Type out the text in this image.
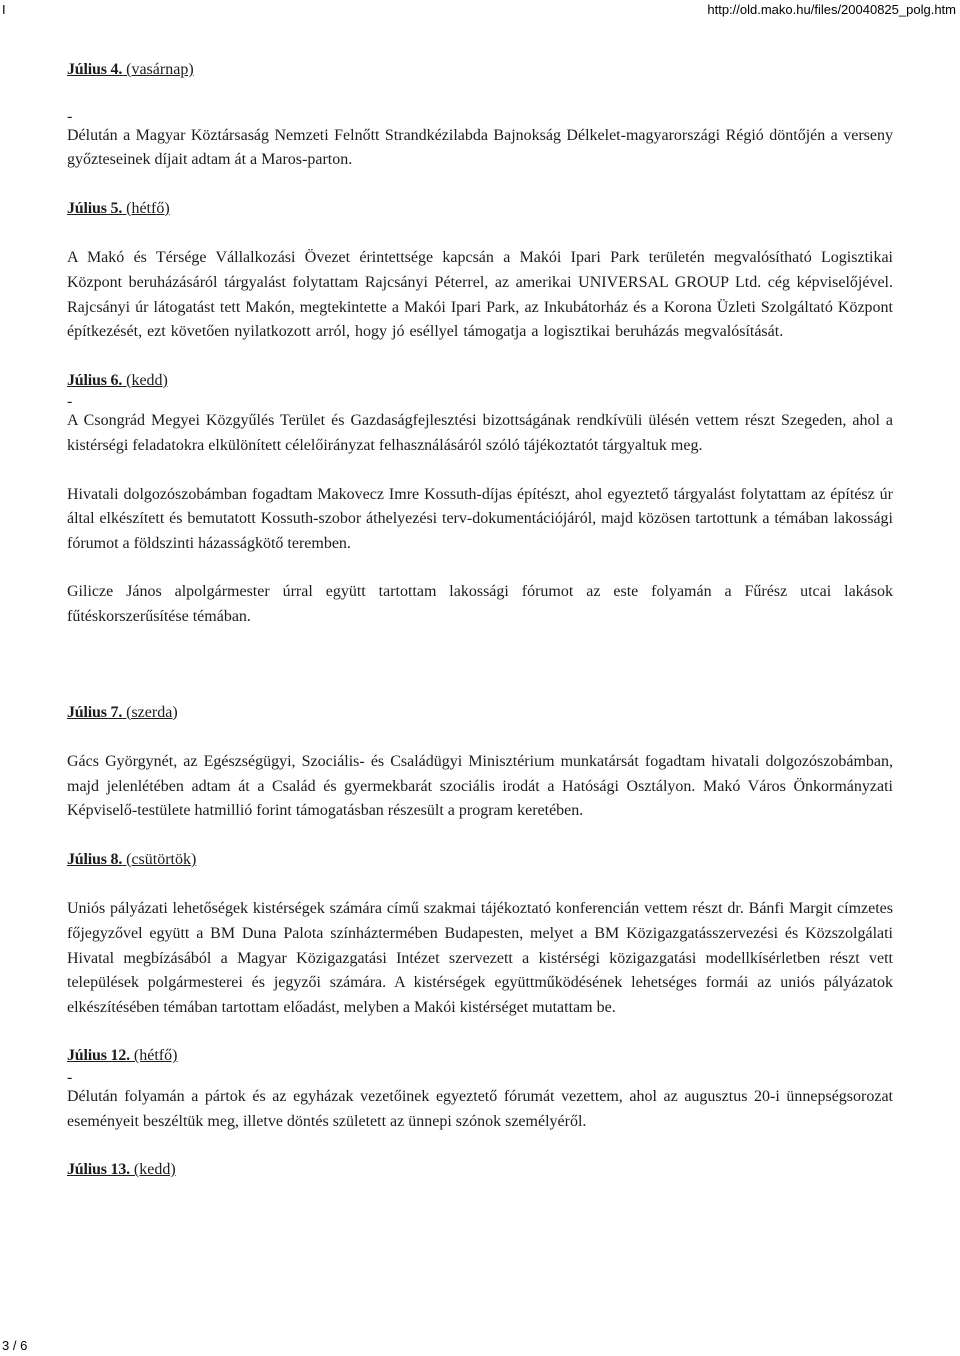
I	http://old.mako.hu/files/20040825_polg.htm
Július 4. (vasárnap)
-

Délután a Magyar Köztársaság Nemzeti Felnőtt Strandkézilabda Bajnokság Délkelet-magyarországi Régió döntőjén a verseny győzteseinek díjait adtam át a Maros-parton.

Július 5. (hétfő)

A Makó és Térsége Vállalkozási Övezet érintettsége kapcsán a Makói Ipari Park területén megvalósítható Logisztikai Központ beruházásáról tárgyalást folytattam Rajcsányi Péterrel, az amerikai UNIVERSAL GROUP Ltd. cég képviselőjével. Rajcsányi úr látogatást tett Makón, megtekintette a Makói Ipari Park, az Inkubátorház és a Korona Üzleti Szolgáltató Központ építkezését, ezt követően nyilatkozott arról, hogy jó eséllyel támogatja a logisztikai beruházás megvalósítását.

Július 6. (kedd)
-

A Csongrád Megyei Közgyűlés Terület és Gazdaságfejlesztési bizottságának rendkívüli ülésén vettem részt Szegeden, ahol a kistérségi feladatokra elkülönített célelőirányzat felhasználásáról szóló tájékoztatót tárgyaltuk meg.

Hivatali dolgozószobámban fogadtam Makovecz Imre Kossuth-díjas építészt, ahol egyeztető tárgyalást folytattam az építész úr által elkészített és bemutatott Kossuth-szobor áthelyezési terv-dokumentációjáról, majd közösen tartottunk a témában lakossági fórumot a földszinti házasságkötő teremben.

Gilicze János alpolgármester úrral együtt tartottam lakossági fórumot az este folyamán a Fűrész utcai lakások fűtéskorszerűsítése témában.

Július 7. (szerda)

Gács Györgynét, az Egészségügyi, Szociális- és Családügyi Minisztérium munkatársát fogadtam hivatali dolgozószobámban, majd jelenlétében adtam át a Család és gyermekbarát szociális irodát a Hatósági Osztályon. Makó Város Önkormányzati Képviselő-testülete hatmillió forint támogatásban részesült a program keretében.

Július 8. (csütörtök)

Uniós pályázati lehetőségek kistérségek számára című szakmai tájékoztató konferencián vettem részt dr. Bánfi Margit címzetes főjegyzővel együtt a BM Duna Palota színháztermében Budapesten, melyet a BM Közigazgatásszervezési és Közszolgálati Hivatal megbízásából a Magyar Közigazgatási Intézet szervezett a kistérségi közigazgatási modellkísérletben részt vett települések polgármesterei és jegyzői számára. A kistérségek együttműködésének lehetséges formái az uniós pályázatok elkészítésében témában tartottam előadást, melyben a Makói kistérséget mutattam be.

Július 12. (hétfő)
-

Délután folyamán a pártok és az egyházak vezetőinek egyeztető fórumát vezettem, ahol az augusztus 20-i ünnepségsorozat eseményeit beszéltük meg, illetve döntés született az ünnepi szónok személyéről.

Július 13. (kedd)
3 / 6
